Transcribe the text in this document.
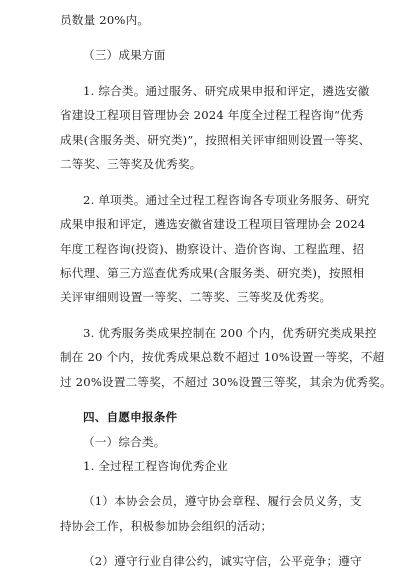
员数量 20%内。
（三）成果方面
1. 综合类。通过服务、研究成果申报和评定，遴选安徽
省建设工程项目管理协会 2024 年度全过程工程咨询“优秀
成果(含服务类、研究类)”，按照相关评审细则设置一等奖、
二等奖、三等奖及优秀奖。
2. 单项类。通过全过程工程咨询各专项业务服务、研究
成果申报和评定，遴选安徽省建设工程项目管理协会 2024
年度工程咨询(投资)、勘察设计、造价咨询、工程监理、招
标代理、第三方巡查优秀成果(含服务类、研究类)，按照相
关评审细则设置一等奖、二等奖、三等奖及优秀奖。
3. 优秀服务类成果控制在 200 个内，优秀研究类成果控
制在 20 个内，按优秀成果总数不超过 10%设置一等奖，不超
过 20%设置二等奖，不超过 30%设置三等奖，其余为优秀奖。
四、自愿申报条件
（一）综合类。
1. 全过程工程咨询优秀企业
（1）本协会会员，遵守协会章程、履行会员义务，支
持协会工作，积极参加协会组织的活动；
（2）遵守行业自律公约，诚实守信，公平竞争；遵守
